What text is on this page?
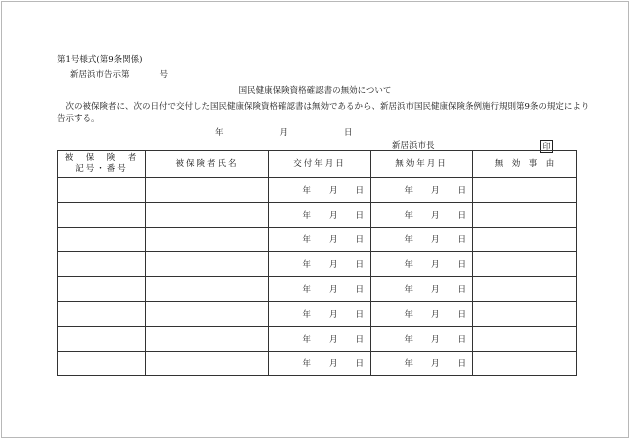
第1号様式(第9条関係)
新居浜市告示第	号
国民健康保険資格確認書の無効について
次の被保険者に、次の日付で交付した国民健康保険資格確認書は無効であるから、新居浜市国民健康保険条例施行規則第9条の規定により告示する。
年	月	日
新居浜市長	印
被　保　険　者
記号・番号	被保険者氏名	交付年月日	無効年月日	無　効　事　由
		年 月 日	年 月 日	
		年 月 日	年 月 日	
		年 月 日	年 月 日	
		年 月 日	年 月 日	
		年 月 日	年 月 日	
		年 月 日	年 月 日	
		年 月 日	年 月 日	
		年 月 日	年 月 日	
